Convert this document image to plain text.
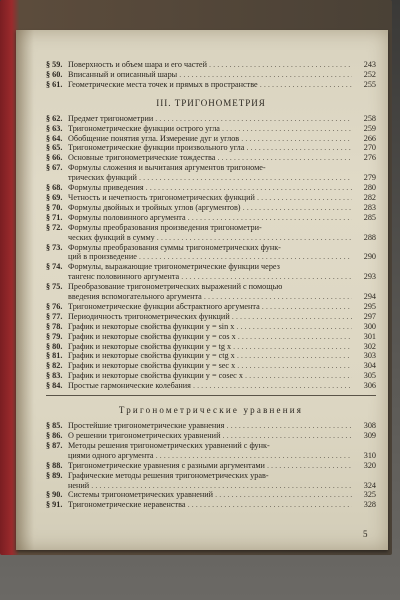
§ 59. Поверхность и объем шара и его частей . . .	243
§ 60. Вписанный и описанный шары . . .	252
§ 61. Геометрические места точек и прямых в пространстве . . .	255
III. ТРИГОНОМЕТРИЯ
§ 62. Предмет тригонометрии . . .	258
§ 63. Тригонометрические функции острого угла . . .	259
§ 64. Обобщение понятия угла. Измерение дуг и углов . . .	266
§ 65. Тригонометрические функции произвольного угла . . .	270
§ 66. Основные тригонометрические тождества . . .	276
§ 67. Формулы сложения и вычитания аргументов тригономе-
трических функций . . .	279
§ 68. Формулы приведения . . .	280
§ 69. Четность и нечетность тригонометрических функций . . .	282
§ 70. Формулы двойных и тройных углов (аргументов) . . .	283
§ 71. Формулы половинного аргумента . . .	285
§ 72. Формулы преобразования произведения тригонометри-
ческих функций в сумму . . .	288
§ 73. Формулы преобразования суммы тригонометрических функ-
ций в произведение . . .	290
§ 74. Формулы, выражающие тригонометрические функции через
тангенс половинного аргумента . . .	293
§ 75. Преобразование тригонометрических выражений с помощью
введения вспомогательного аргумента . . .	294
§ 76. Тригонометрические функции абстрактного аргумента . . .	295
§ 77. Периодичность тригонометрических функций . . .	297
§ 78. График и некоторые свойства функции y = sin x . . .	300
§ 79. График и некоторые свойства функции y = cos x . . .	301
§ 80. График и некоторые свойства функции y = tg x . . .	302
§ 81. График и некоторые свойства функции y = ctg x . . .	303
§ 82. График и некоторые свойства функции y = sec x . . .	304
§ 83. График и некоторые свойства функции y = cosec x . . .	305
§ 84. Простые гармонические колебания . . .	306
Тригонометрические уравнения
§ 85. Простейшие тригонометрические уравнения . . .	308
§ 86. О решении тригонометрических уравнений . . .	309
§ 87. Методы решения тригонометрических уравнений с функ-
циями одного аргумента . . .	310
§ 88. Тригонометрические уравнения с разными аргументами . . .	320
§ 89. Графические методы решения тригонометрических урав-
нений . . .	324
§ 90. Системы тригонометрических уравнений . . .	325
§ 91. Тригонометрические неравенства . . .	328
5
